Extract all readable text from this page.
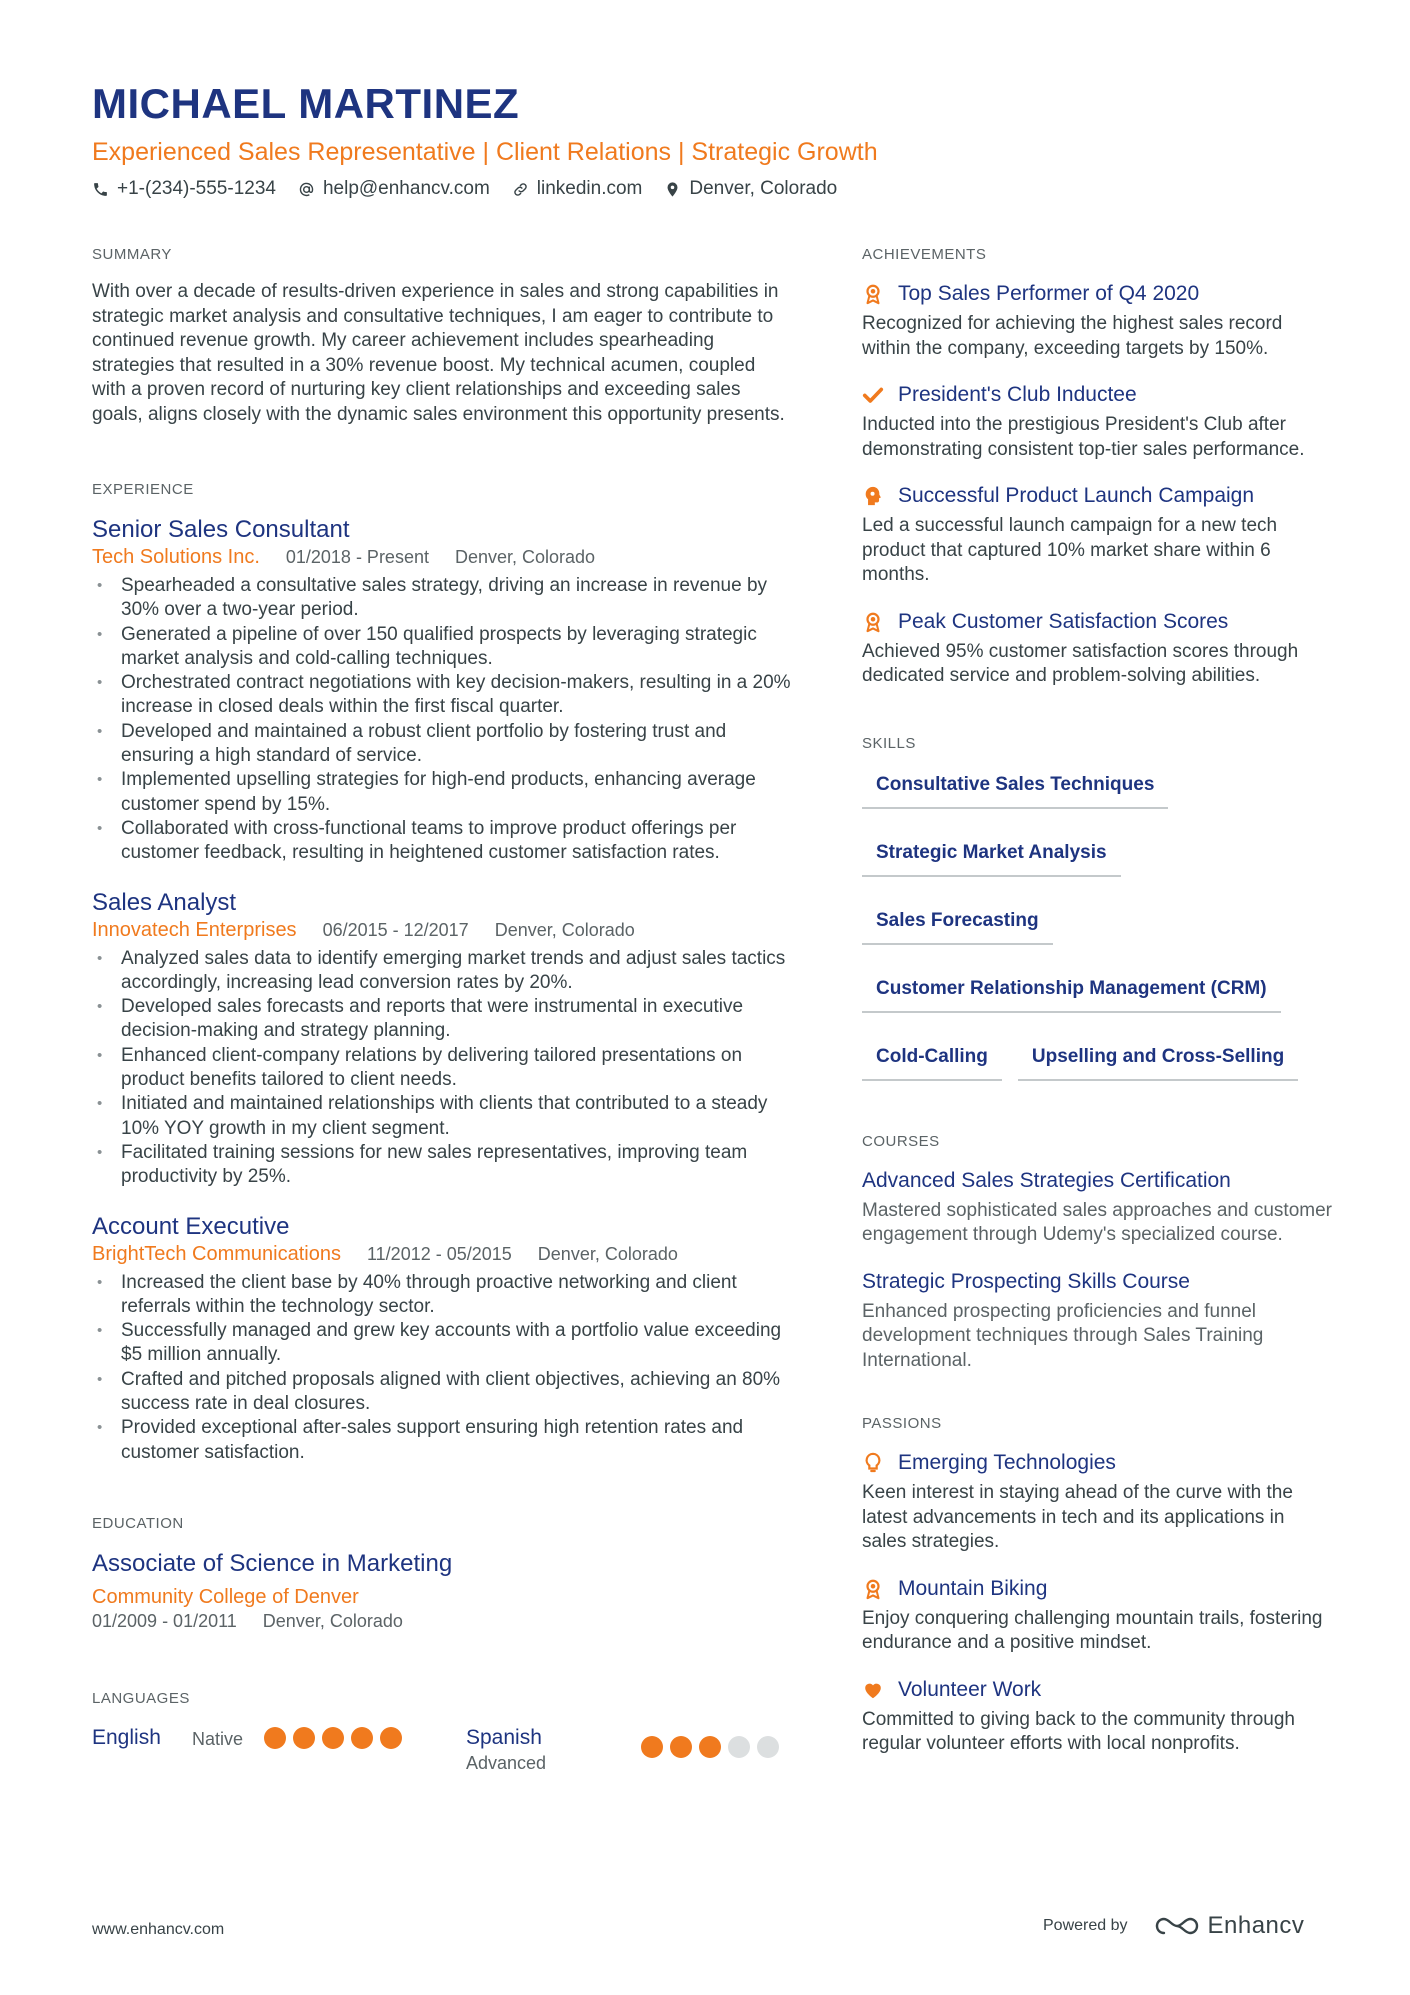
MICHAEL MARTINEZ
Experienced Sales Representative | Client Relations | Strategic Growth
+1-(234)-555-1234 help@enhancv.com linkedin.com Denver, Colorado
SUMMARY

With over a decade of results-driven experience in sales and strong capabilities in strategic market analysis and consultative techniques, I am eager to contribute to continued revenue growth. My career achievement includes spearheading strategies that resulted in a 30% revenue boost. My technical acumen, coupled with a proven record of nurturing key client relationships and exceeding sales goals, aligns closely with the dynamic sales environment this opportunity presents.

EXPERIENCE
Senior Sales Consultant
Tech Solutions Inc. 01/2018 - Present Denver, Colorado
• Spearheaded a consultative sales strategy, driving an increase in revenue by 30% over a two-year period.
• Generated a pipeline of over 150 qualified prospects by leveraging strategic market analysis and cold-calling techniques.
• Orchestrated contract negotiations with key decision-makers, resulting in a 20% increase in closed deals within the first fiscal quarter.
• Developed and maintained a robust client portfolio by fostering trust and ensuring a high standard of service.
• Implemented upselling strategies for high-end products, enhancing average customer spend by 15%.
• Collaborated with cross-functional teams to improve product offerings per customer feedback, resulting in heightened customer satisfaction rates.
Sales Analyst
Innovatech Enterprises 06/2015 - 12/2017 Denver, Colorado
• Analyzed sales data to identify emerging market trends and adjust sales tactics accordingly, increasing lead conversion rates by 20%.
• Developed sales forecasts and reports that were instrumental in executive decision-making and strategy planning.
• Enhanced client-company relations by delivering tailored presentations on product benefits tailored to client needs.
• Initiated and maintained relationships with clients that contributed to a steady 10% YOY growth in my client segment.
• Facilitated training sessions for new sales representatives, improving team productivity by 25%.
Account Executive
BrightTech Communications 11/2012 - 05/2015 Denver, Colorado
• Increased the client base by 40% through proactive networking and client referrals within the technology sector.
• Successfully managed and grew key accounts with a portfolio value exceeding $5 million annually.
• Crafted and pitched proposals aligned with client objectives, achieving an 80% success rate in deal closures.
• Provided exceptional after-sales support ensuring high retention rates and customer satisfaction.
EDUCATION
Associate of Science in Marketing
Community College of Denver
01/2009 - 01/2011 Denver, Colorado
LANGUAGES
English	Native	Spanish
Advanced
ACHIEVEMENTS
Top Sales Performer of Q4 2020
Recognized for achieving the highest sales record within the company, exceeding targets by 150%.
President's Club Inductee
Inducted into the prestigious President's Club after demonstrating consistent top-tier sales performance.
Successful Product Launch Campaign
Led a successful launch campaign for a new tech product that captured 10% market share within 6 months.
Peak Customer Satisfaction Scores
Achieved 95% customer satisfaction scores through dedicated service and problem-solving abilities.
SKILLS
Consultative Sales Techniques
Strategic Market Analysis
Sales Forecasting
Customer Relationship Management (CRM)
Cold-Calling	Upselling and Cross-Selling
COURSES
Advanced Sales Strategies Certification
Mastered sophisticated sales approaches and customer engagement through Udemy's specialized course.
Strategic Prospecting Skills Course
Enhanced prospecting proficiencies and funnel development techniques through Sales Training International.
PASSIONS
Emerging Technologies
Keen interest in staying ahead of the curve with the latest advancements in tech and its applications in sales strategies.
Mountain Biking
Enjoy conquering challenging mountain trails, fostering endurance and a positive mindset.
Volunteer Work
Committed to giving back to the community through regular volunteer efforts with local nonprofits.
www.enhancv.com	Powered by	Enhancv
